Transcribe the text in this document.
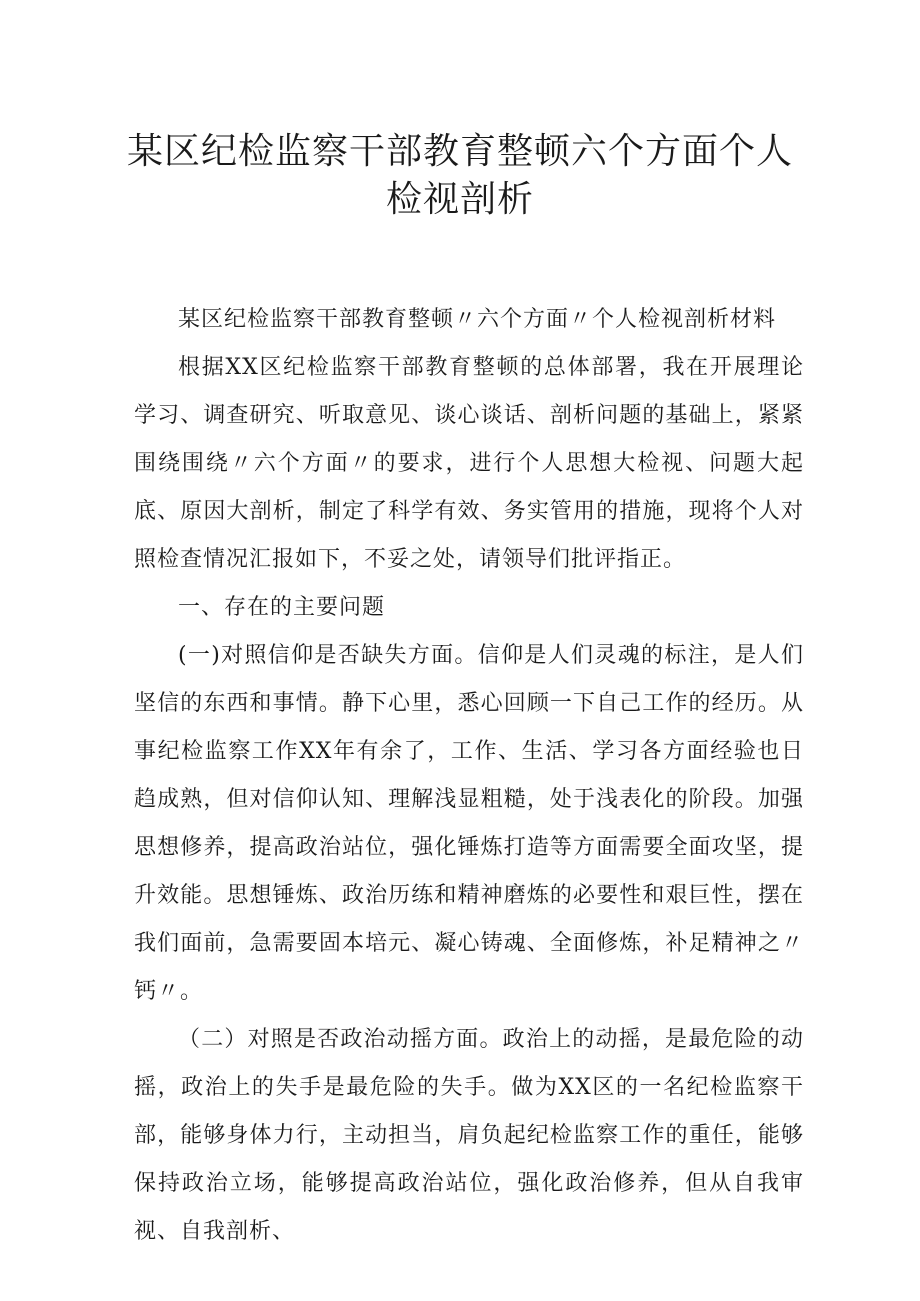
某区纪检监察干部教育整顿六个方面个人检视剖析

某区纪检监察干部教育整顿〃六个方面〃个人检视剖析材料

根据XX区纪检监察干部教育整顿的总体部署，我在开展理论学习、调查研究、听取意见、谈心谈话、剖析问题的基础上，紧紧围绕围绕〃六个方面〃的要求，进行个人思想大检视、问题大起底、原因大剖析，制定了科学有效、务实管用的措施，现将个人对照检查情况汇报如下，不妥之处，请领导们批评指正。

一、存在的主要问题

(一)对照信仰是否缺失方面。信仰是人们灵魂的标注，是人们坚信的东西和事情。静下心里，悉心回顾一下自己工作的经历。从事纪检监察工作XX年有余了，工作、生活、学习各方面经验也日趋成熟，但对信仰认知、理解浅显粗糙，处于浅表化的阶段。加强思想修养，提高政治站位，强化锤炼打造等方面需要全面攻坚，提升效能。思想锤炼、政治历练和精神磨炼的必要性和艰巨性，摆在我们面前，急需要固本培元、凝心铸魂、全面修炼，补足精神之〃钙〃。

（二）对照是否政治动摇方面。政治上的动摇，是最危险的动摇，政治上的失手是最危险的失手。做为XX区的一名纪检监察干部，能够身体力行，主动担当，肩负起纪检监察工作的重任，能够保持政治立场，能够提高政治站位，强化政治修养，但从自我审视、自我剖析、
